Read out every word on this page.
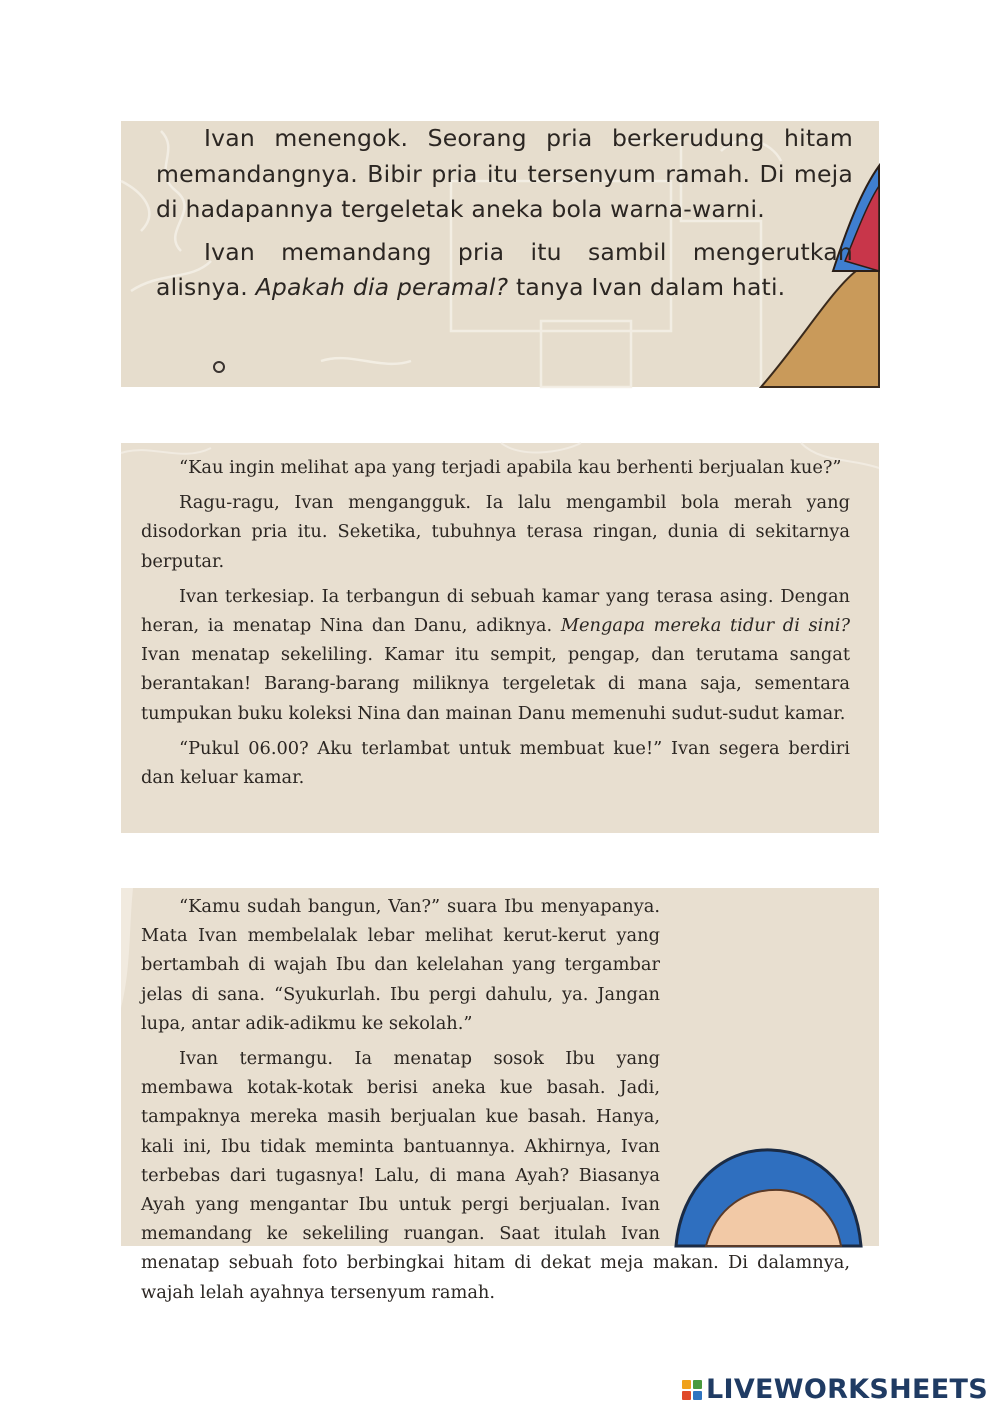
Ivan menengok. Seorang pria berkerudung hitam memandangnya. Bibir pria itu tersenyum ramah. Di meja di hadapannya tergeletak aneka bola warna-warni.

Ivan memandang pria itu sambil mengerutkan alisnya. Apakah dia peramal? tanya Ivan dalam hati.

“Kau ingin melihat apa yang terjadi apabila kau berhenti berjualan kue?”

Ragu-ragu, Ivan mengangguk. Ia lalu mengambil bola merah yang disodorkan pria itu. Seketika, tubuhnya terasa ringan, dunia di sekitarnya berputar.

Ivan terkesiap. Ia terbangun di sebuah kamar yang terasa asing. Dengan heran, ia menatap Nina dan Danu, adiknya. Mengapa mereka tidur di sini? Ivan menatap sekeliling. Kamar itu sempit, pengap, dan terutama sangat berantakan! Barang-barang miliknya tergeletak di mana saja, sementara tumpukan buku koleksi Nina dan mainan Danu memenuhi sudut-sudut kamar.

“Pukul 06.00? Aku terlambat untuk membuat kue!” Ivan segera berdiri dan keluar kamar.

“Kamu sudah bangun, Van?” suara Ibu menyapanya. Mata Ivan membelalak lebar melihat kerut-kerut yang bertambah di wajah Ibu dan kelelahan yang tergambar jelas di sana. “Syukurlah. Ibu pergi dahulu, ya. Jangan lupa, antar adik-adikmu ke sekolah.”

Ivan termangu. Ia menatap sosok Ibu yang membawa kotak-kotak berisi aneka kue basah. Jadi, tampaknya mereka masih berjualan kue basah. Hanya, kali ini, Ibu tidak meminta bantuannya. Akhirnya, Ivan terbebas dari tugasnya! Lalu, di mana Ayah? Biasanya Ayah yang mengantar Ibu untuk pergi berjualan. Ivan memandang ke sekeliling ruangan. Saat itulah Ivan menatap sebuah foto berbingkai hitam di dekat meja makan. Di dalamnya, wajah lelah ayahnya tersenyum ramah.

LIVEWORKSHEETS
